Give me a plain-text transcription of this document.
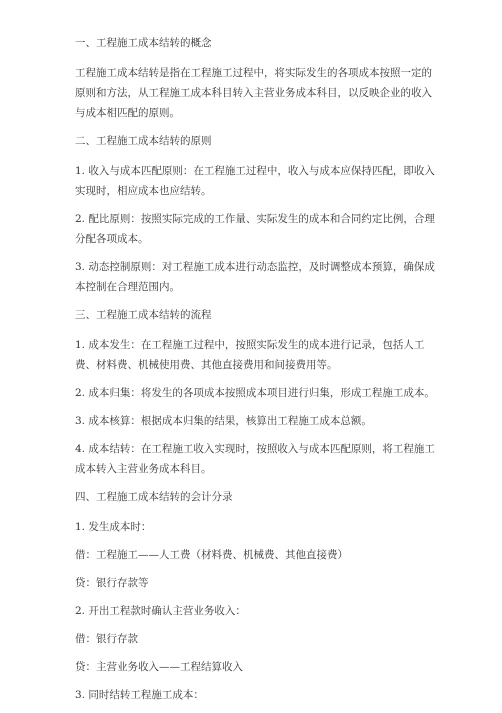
一、工程施工成本结转的概念

工程施工成本结转是指在工程施工过程中，将实际发生的各项成本按照一定的原则和方法，从工程施工成本科目转入主营业务成本科目，以反映企业的收入与成本相匹配的原则。

二、工程施工成本结转的原则

1. 收入与成本匹配原则：在工程施工过程中，收入与成本应保持匹配，即收入实现时，相应成本也应结转。

2. 配比原则：按照实际完成的工作量、实际发生的成本和合同约定比例，合理分配各项成本。

3. 动态控制原则：对工程施工成本进行动态监控，及时调整成本预算，确保成本控制在合理范围内。

三、工程施工成本结转的流程

1. 成本发生：在工程施工过程中，按照实际发生的成本进行记录，包括人工费、材料费、机械使用费、其他直接费用和间接费用等。

2. 成本归集：将发生的各项成本按照成本项目进行归集，形成工程施工成本。

3. 成本核算：根据成本归集的结果，核算出工程施工成本总额。

4. 成本结转：在工程施工收入实现时，按照收入与成本匹配原则，将工程施工成本转入主营业务成本科目。

四、工程施工成本结转的会计分录

1. 发生成本时：

借：工程施工——人工费（材料费、机械费、其他直接费）

贷：银行存款等

2. 开出工程款时确认主营业务收入：

借：银行存款

贷：主营业务收入——工程结算收入

3. 同时结转工程施工成本：
